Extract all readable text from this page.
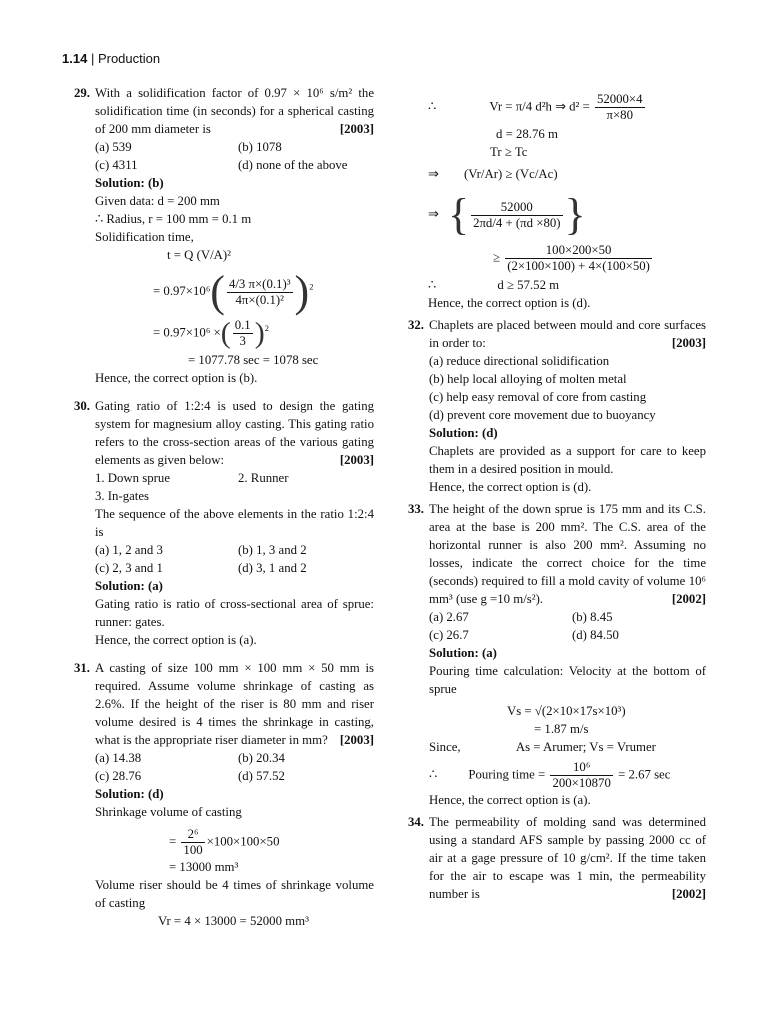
1.14 | Production
29. With a solidification factor of 0.97 × 10⁶ s/m² the solidification time (in seconds) for a spherical casting of 200 mm diameter is	[2003]
(a) 539	(b) 1078
(c) 4311	(d) none of the above
Solution: (b)
Given data: d = 200 mm
∴ Radius, r = 100 mm = 0.1 m
Solidification time,
t = Q (V/A)²
= $0.97\times 10^6( \frac{\text{4/3 π×(0.1)³}}{\text{4π×(0.1)²}} )^2$
= 0.97×10⁶ ×( $\frac{0.1}{3} )^2$
= 1077.78 sec = 1078 sec
Hence, the correct option is (b).
30. Gating ratio of 1:2:4 is used to design the gating system for magnesium alloy casting. This gating ratio refers to the cross-section areas of the various gating elements as given below:	[2003]
1. Down sprue	2. Runner
3. In-gates
The sequence of the above elements in the ratio 1:2:4 is
(a) 1, 2 and 3	(b) 1, 3 and 2
(c) 2, 3 and 1	(d) 3, 1 and 2
Solution: (a)
Gating ratio is ratio of cross-sectional area of sprue: runner: gates.
Hence, the correct option is (a).
31. A casting of size 100 mm × 100 mm × 50 mm is required. Assume volume shrinkage of casting as 2.6%. If the height of the riser is 80 mm and riser volume desired is 4 times the shrinkage in casting, what is the appropriate riser diameter in mm? [2003]
(a) 14.38	(b) 20.34
(c) 28.76	(d) 57.52
Solution: (d)
Shrinkage volume of casting
= $\frac{\text{2⁶}}{100} \times 100\times 100\times 50$
= 13000 mm³
Volume riser should be 4 times of shrinkage volume of casting
Vr = 4 × 13000 = 52000 mm³
∴	Vr = π/4 d²h ⇒ $d^2 = \frac{52000\times 4}{\pi\times 80}$
d = 28.76 m
Tr ≥ Tc
⇒ (Vr/Ar) ≥ (Vc/Ac)
⇒ { $\frac{52000}{2\pi d/4 + (\pi d \times 80)}$ }
≥ $\frac{100\times 200\times 50}{(2\times 100\times 100) + 4\times(100\times 50)}$
∴	d ≥ 57.52 m
Hence, the correct option is (d).
32. Chaplets are placed between mould and core surfaces in order to:	[2003]
(a) reduce directional solidification
(b) help local alloying of molten metal
(c) help easy removal of core from casting
(d) prevent core movement due to buoyancy
Solution: (d)
Chaplets are provided as a support for care to keep them in a desired position in mould.
Hence, the correct option is (d).
33. The height of the down sprue is 175 mm and its C.S. area at the base is 200 mm². The C.S. area of the horizontal runner is also 200 mm². Assuming no losses, indicate the correct choice for the time (seconds) required to fill a mold cavity of volume 10⁶ mm³ (use g =10 m/s²).	[2002]
(a) 2.67	(b) 8.45
(c) 26.7	(d) 84.50
Solution: (a)
Pouring time calculation: Velocity at the bottom of sprue
Vs = √(2×10×17s×10³)
= 1.87 m/s
Since,	As = Arumer; Vs = Vrumer
∴ Pouring time = $\frac{\text{10⁶}}{200\times 10870} = 2.67$ sec
Hence, the correct option is (a).
34. The permeability of molding sand was determined using a standard AFS sample by passing 2000 cc of air at a gage pressure of 10 g/cm². If the time taken for the air to escape was 1 min, the permeability number is	[2002]
